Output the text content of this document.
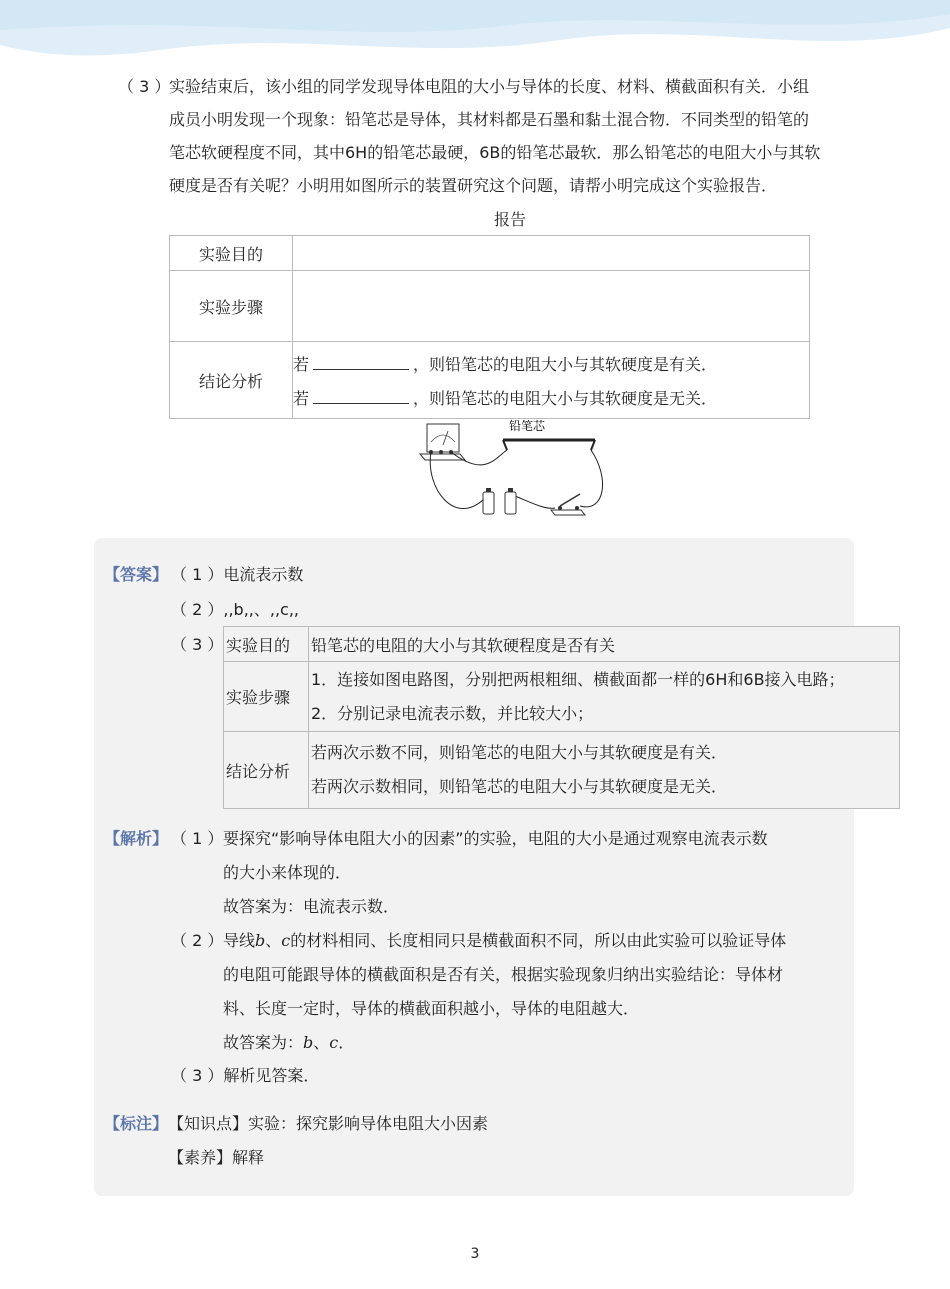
（ 3 ）
实验结束后，该小组的同学发现导体电阻的大小与导体的长度、材料、横截面积有关．小组
成员小明发现一个现象：铅笔芯是导体，其材料都是石墨和黏土混合物．不同类型的铅笔的
笔芯软硬程度不同，其中6H的铅笔芯最硬，6B的铅笔芯最软．那么铅笔芯的电阻大小与其软
硬度是否有关呢？小明用如图所示的装置研究这个问题，请帮小明完成这个实验报告．
报告
实验目的	
实验步骤	
结论分析	若 ，则铅笔芯的电阻大小与其软硬度是有关．
若 ，则铅笔芯的电阻大小与其软硬度是无关．
铅笔芯
【答案】 （ 1 ）电流表示数
（ 2 ）,,b,,、,,c,,
（ 3 ） 实验目的	铅笔芯的电阻的大小与其软硬程度是否有关
实验步骤	1．连接如图电路图，分别把两根粗细、横截面都一样的6H和6B接入电路；
2．分别记录电流表示数，并比较大小；

结论分析	若两次示数不同，则铅笔芯的电阻大小与其软硬度是有关．
若两次示数相同，则铅笔芯的电阻大小与其软硬度是无关．
【解析】 （ 1 ） 要探究“影响导体电阻大小的因素”的实验，电阻的大小是通过观察电流表示数
的大小来体现的．
故答案为：电流表示数．
（ 2 ） 导线b、c的材料相同、长度相同只是横截面积不同，所以由此实验可以验证导体
的电阻可能跟导体的横截面积是否有关，根据实验现象归纳出实验结论：导体材
料、长度一定时，导体的横截面积越小，导体的电阻越大．
故答案为：b、c．
（ 3 ）解析见答案．
【标注】 【知识点】实验：探究影响导体电阻大小因素
【素养】解释
3
